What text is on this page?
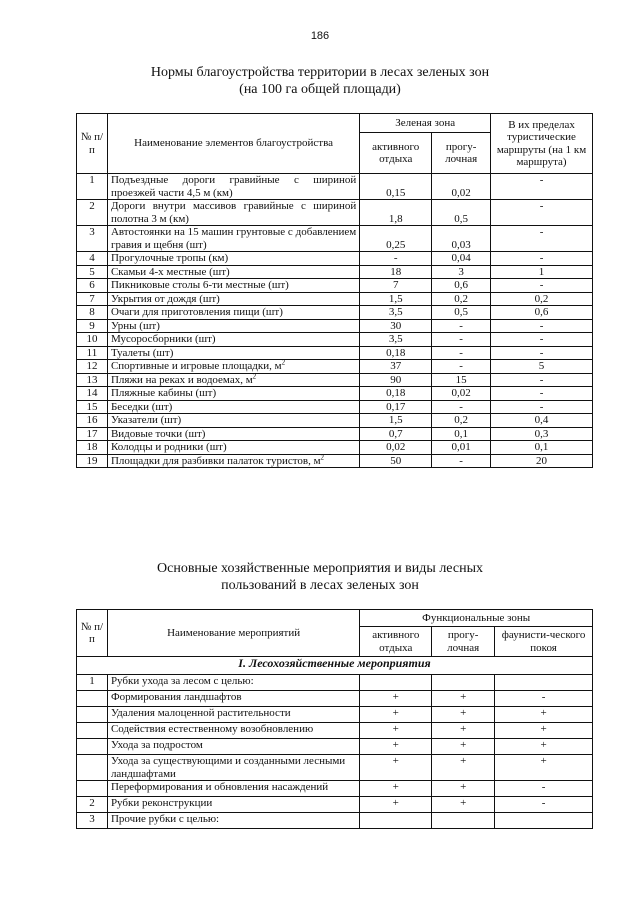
186
Нормы благоустройства территории в лесах зеленых зон
(на 100 га общей площади)
№ п/п	Наименование элементов благоустройства	Зеленая зона		В их пределах туристические маршруты (на 1 км маршрута)
		активного отдыха	прогу-лочная	
1	Подъездные дороги гравийные с шириной проезжей части 4,5 м (км)	0,15	0,02	-
2	Дороги внутри массивов гравийные с шириной полотна 3 м (км)	1,8	0,5	-
3	Автостоянки на 15 машин грунтовые с добавлением гравия и щебня (шт)	0,25	0,03	-
4	Прогулочные тропы (км)	-	0,04	-
5	Скамьи 4-х местные (шт)	18	3	1
6	Пикниковые столы 6-ти местные (шт)	7	0,6	-
7	Укрытия от дождя (шт)	1,5	0,2	0,2
8	Очаги для приготовления пищи (шт)	3,5	0,5	0,6
9	Урны (шт)	30	-	-
10	Мусоросборники (шт)	3,5	-	-
11	Туалеты (шт)	0,18	-	-
12	Спортивные и игровые площадки, $м^2$	37	-	5
13	Пляжи на реках и водоемах, $м^2$	90	15	-
14	Пляжные кабины (шт)	0,18	0,02	-
15	Беседки (шт)	0,17	-	-
16	Указатели (шт)	1,5	0,2	0,4
17	Видовые точки (шт)	0,7	0,1	0,3
18	Колодцы и родники (шт)	0,02	0,01	0,1
19	Площадки для разбивки палаток туристов, $м^2$	50	-	20
Основные хозяйственные мероприятия и виды лесных
пользований в лесах зеленых зон
№ п/п	Наименование мероприятий	Функциональные зоны		
		активного отдыха	прогу-лочная	фаунисти-ческого покоя
I. Лесохозяйственные мероприятия				
1	Рубки ухода за лесом с целью:			
	Формирования ландшафтов	+	+	-
	Удаления малоценной растительности	+	+	+
	Содействия естественному возобновлению	+	+	+
	Ухода за подростом	+	+	+
	Ухода за существующими и созданными лесными ландшафтами	+	+	+
	Переформирования и обновления насаждений	+	+	-
2	Рубки реконструкции	+	+	-
3	Прочие рубки с целью:			
